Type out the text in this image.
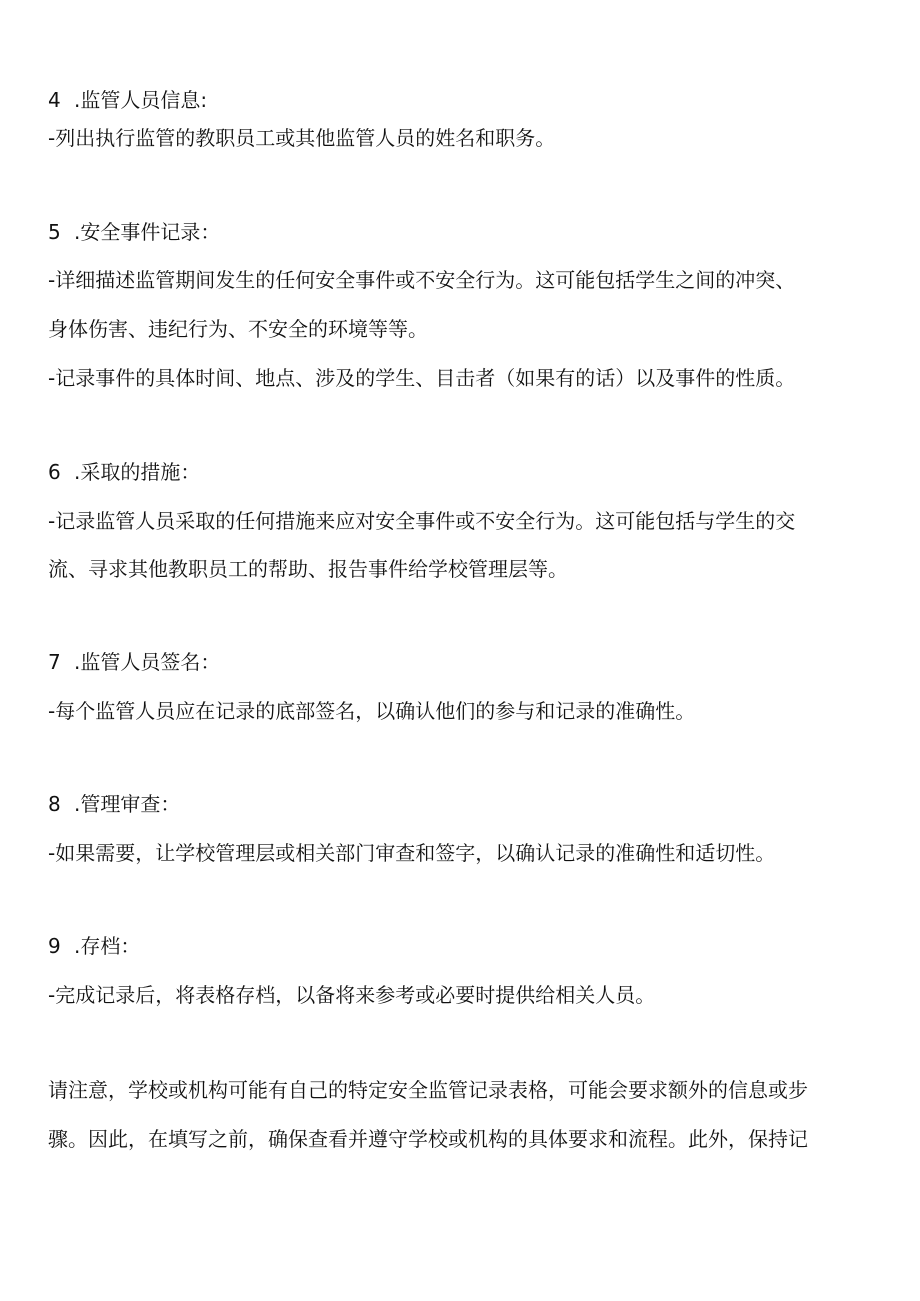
4 .监管人员信息:
-列出执行监管的教职员工或其他监管人员的姓名和职务。
5 .安全事件记录：
-详细描述监管期间发生的任何安全事件或不安全行为。这可能包括学生之间的冲突、
身体伤害、违纪行为、不安全的环境等等。
-记录事件的具体时间、地点、涉及的学生、目击者（如果有的话）以及事件的性质。
6 .采取的措施：
-记录监管人员采取的任何措施来应对安全事件或不安全行为。这可能包括与学生的交
流、寻求其他教职员工的帮助、报告事件给学校管理层等。
7 .监管人员签名：
-每个监管人员应在记录的底部签名，以确认他们的参与和记录的准确性。
8 .管理审查：
-如果需要，让学校管理层或相关部门审查和签字，以确认记录的准确性和适切性。
9 .存档：
-完成记录后，将表格存档，以备将来参考或必要时提供给相关人员。
请注意，学校或机构可能有自己的特定安全监管记录表格，可能会要求额外的信息或步
骤。因此，在填写之前，确保查看并遵守学校或机构的具体要求和流程。此外，保持记
